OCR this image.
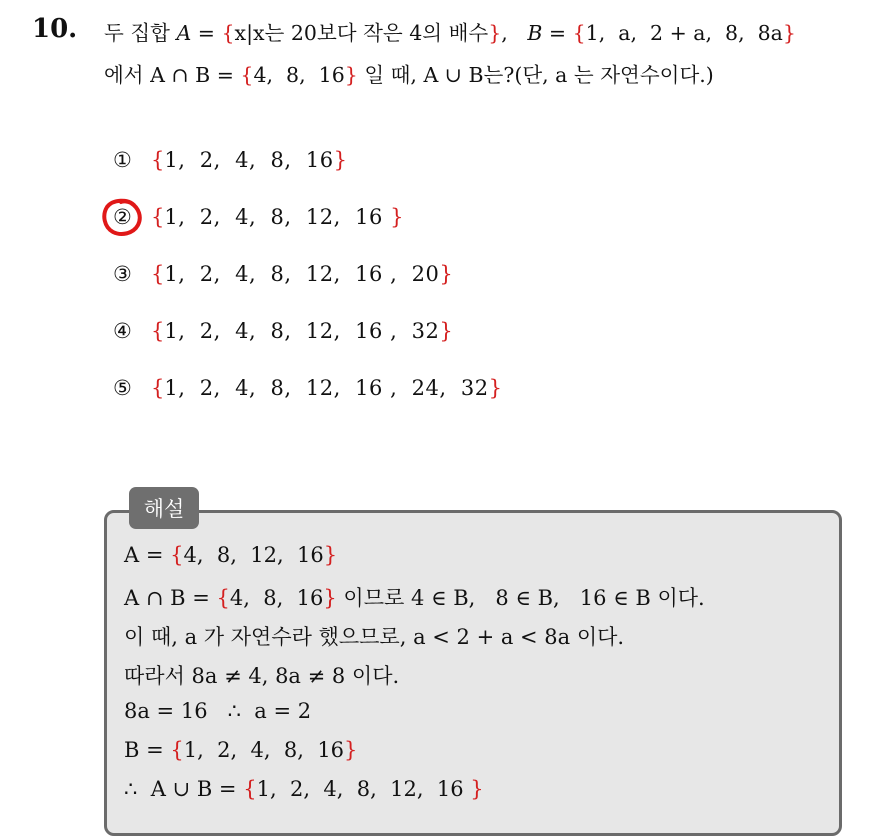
10. 두 집합 A = {x|x는 20보다 작은 4의 배수},   B = {1,  a,  2 + a,  8,  8a}
에서 A ∩ B = {4,  8,  16} 일 때, A ∪ B는?(단, a 는 자연수이다.)
① {1,  2,  4,  8,  16}
② {1,  2,  4,  8,  12,  16 }
③ {1,  2,  4,  8,  12,  16 ,  20}
④ {1,  2,  4,  8,  12,  16 ,  32}
⑤ {1,  2,  4,  8,  12,  16 ,  24,  32}
해설
A = {4,  8,  12,  16}
A ∩ B = {4,  8,  16} 이므로 4 ∈ B,   8 ∈ B,   16 ∈ B 이다.
이 때, a 가 자연수라 했으므로, a < 2 + a < 8a 이다.
따라서 8a ≠ 4, 8a ≠ 8 이다.
8a = 16   ∴  a = 2
B = {1,  2,  4,  8,  16}
∴  A ∪ B = {1,  2,  4,  8,  12,  16 }
